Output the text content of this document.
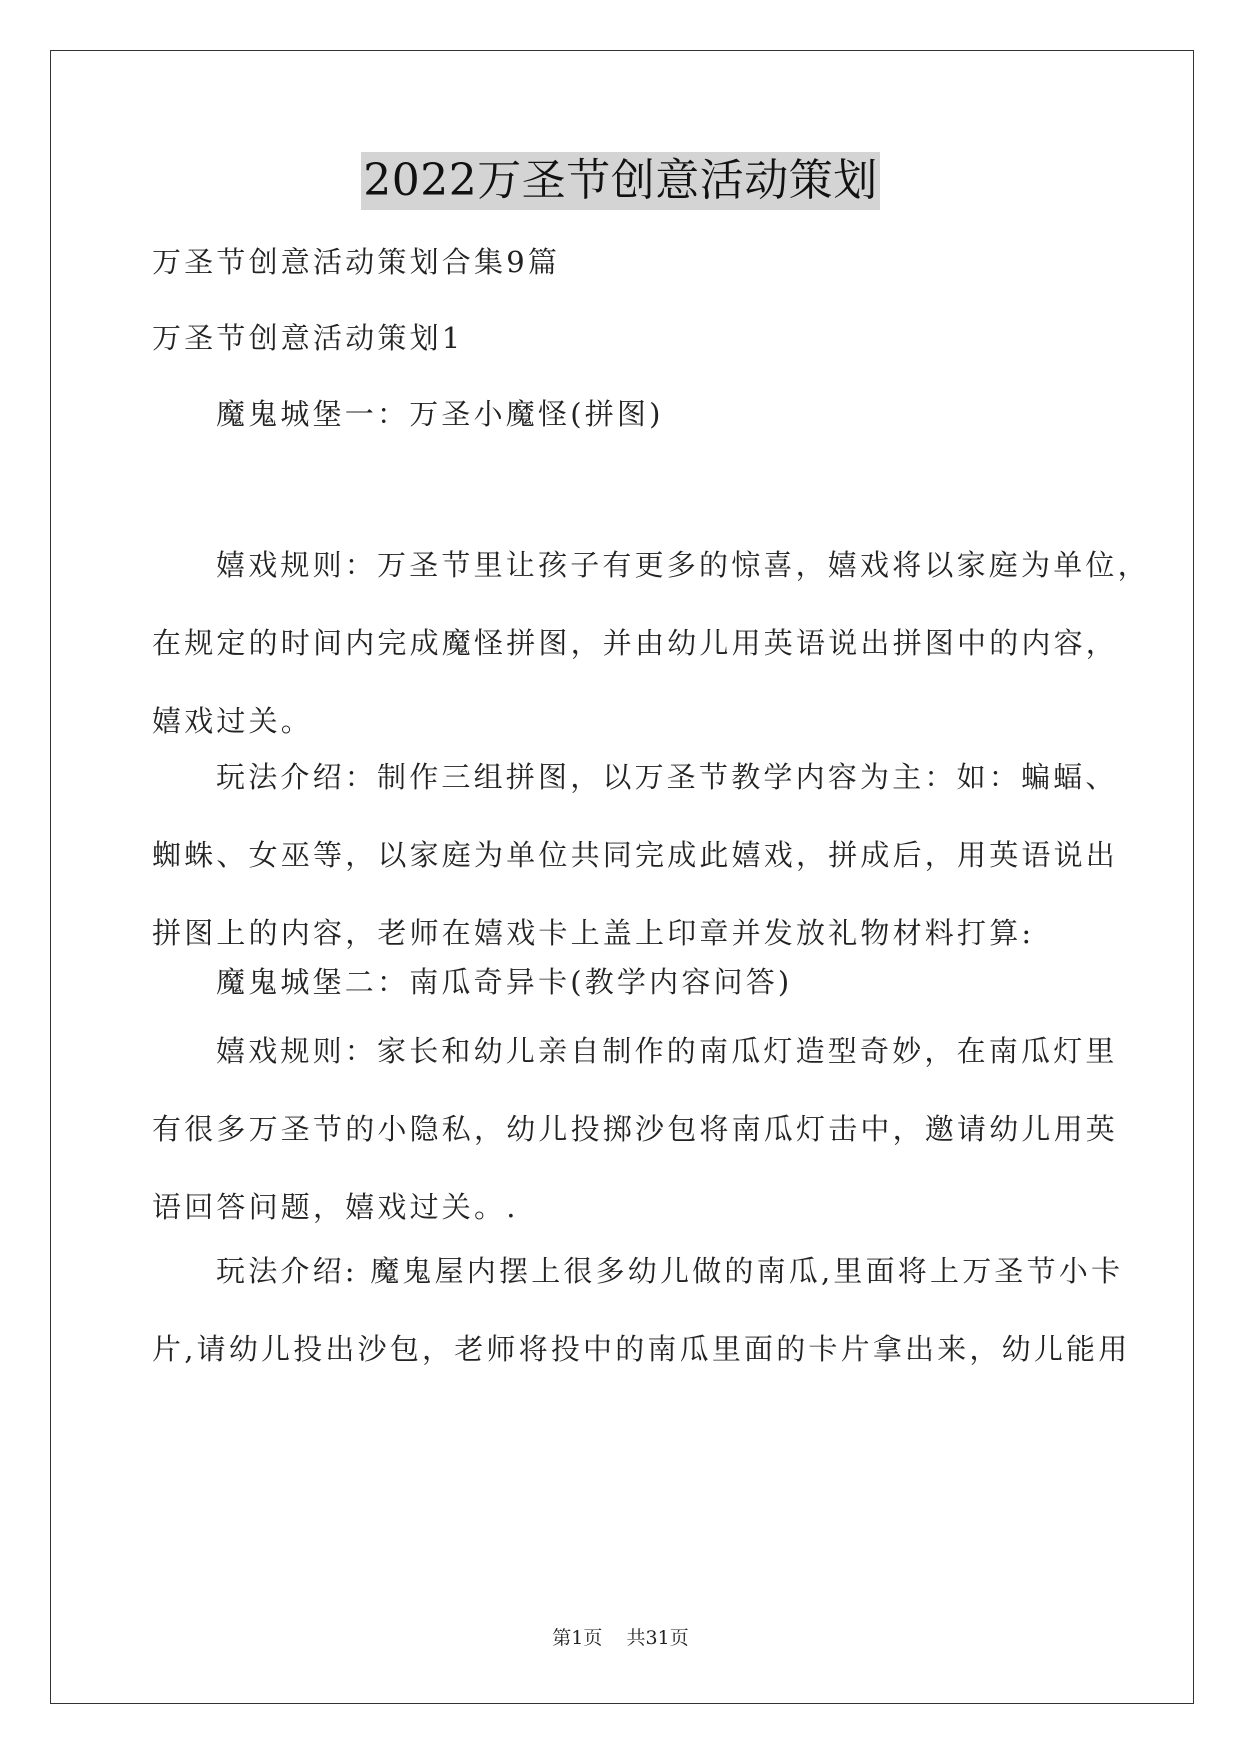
2022万圣节创意活动策划

万圣节创意活动策划合集9篇

万圣节创意活动策划1

魔鬼城堡一：万圣小魔怪(拼图)

嬉戏规则：万圣节里让孩子有更多的惊喜，嬉戏将以家庭为单位，
在规定的时间内完成魔怪拼图，并由幼儿用英语说出拼图中的内容，
嬉戏过关。
玩法介绍：制作三组拼图，以万圣节教学内容为主：如：蝙蝠、
蜘蛛、女巫等，以家庭为单位共同完成此嬉戏，拼成后，用英语说出
拼图上的内容，老师在嬉戏卡上盖上印章并发放礼物材料打算:

魔鬼城堡二：南瓜奇异卡(教学内容问答)

嬉戏规则：家长和幼儿亲自制作的南瓜灯造型奇妙，在南瓜灯里
有很多万圣节的小隐私，幼儿投掷沙包将南瓜灯击中，邀请幼儿用英
语回答问题，嬉戏过关。.
玩法介绍: 魔鬼屋内摆上很多幼儿做的南瓜,里面将上万圣节小卡
片,请幼儿投出沙包，老师将投中的南瓜里面的卡片拿出来，幼儿能用
第1页 共31页
